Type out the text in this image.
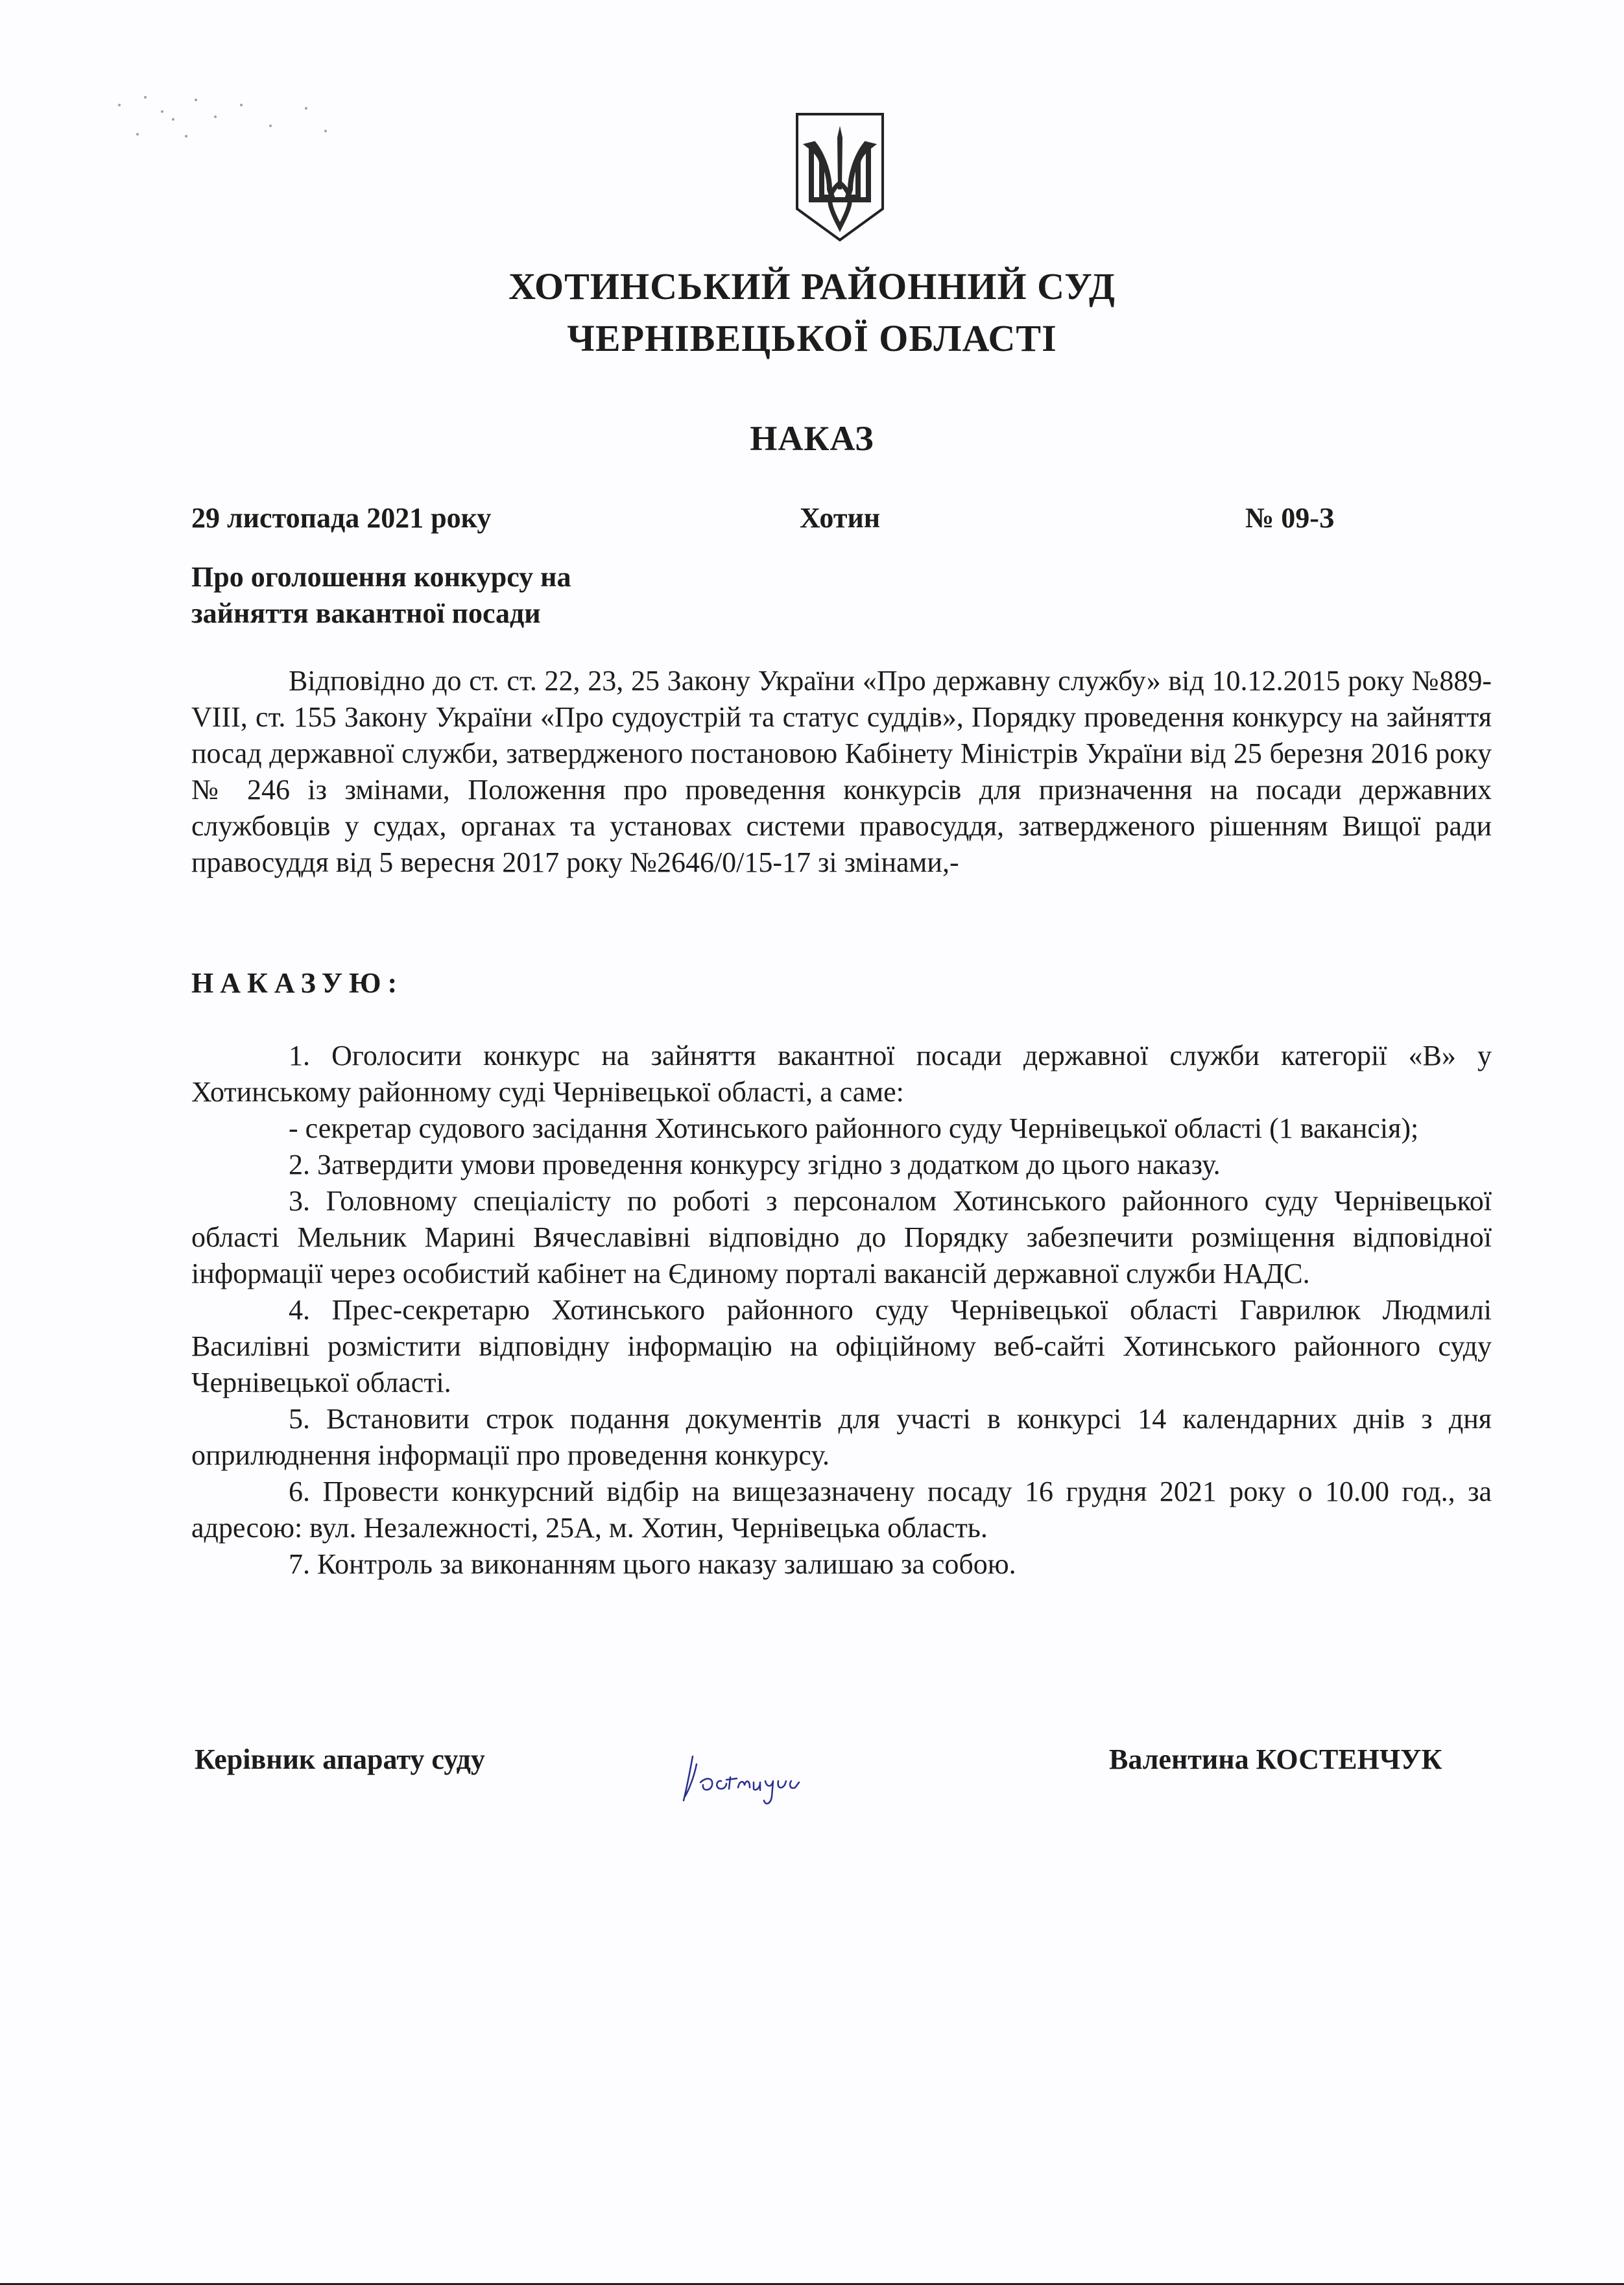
ХОТИНСЬКИЙ РАЙОННИЙ СУД
ЧЕРНІВЕЦЬКОЇ ОБЛАСТІ
НАКАЗ
29 листопада 2021 року	Хотин	№ 09-З
Про оголошення конкурсу на
зайняття вакантної посади
Відповідно до ст. ст. 22, 23, 25 Закону України «Про державну службу» від 10.12.2015 року №889-VIII, ст. 155 Закону України «Про судоустрій та статус суддів», Порядку проведення конкурсу на зайняття посад державної служби, затвердженого постановою Кабінету Міністрів України від 25 березня 2016 року № 246 із змінами, Положення про проведення конкурсів для призначення на посади державних службовців у судах, органах та установах системи правосуддя, затвердженого рішенням Вищої ради правосуддя від 5 вересня 2017 року №2646/0/15-17 зі змінами,-
НАКАЗУЮ:

1. Оголосити конкурс на зайняття вакантної посади державної служби категорії «В» у Хотинському районному суді Чернівецької області, а саме:

- секретар судового засідання Хотинського районного суду Чернівецької області (1 вакансія);

2. Затвердити умови проведення конкурсу згідно з додатком до цього наказу.

3. Головному спеціалісту по роботі з персоналом Хотинського районного суду Чернівецької області Мельник Марині Вячеславівні відповідно до Порядку забезпечити розміщення відповідної інформації через особистий кабінет на Єдиному порталі вакансій державної служби НАДС.

4. Прес-секретарю Хотинського районного суду Чернівецької області Гаврилюк Людмилі Василівні розмістити відповідну інформацію на офіційному веб-сайті Хотинського районного суду Чернівецької області.

5. Встановити строк подання документів для участі в конкурсі 14 календарних днів з дня оприлюднення інформації про проведення конкурсу.

6. Провести конкурсний відбір на вищезазначену посаду 16 грудня 2021 року о 10.00 год., за адресою: вул. Незалежності, 25А, м. Хотин, Чернівецька область.

7. Контроль за виконанням цього наказу залишаю за собою.

Керівник апарату суду	Валентина КОСТЕНЧУК
